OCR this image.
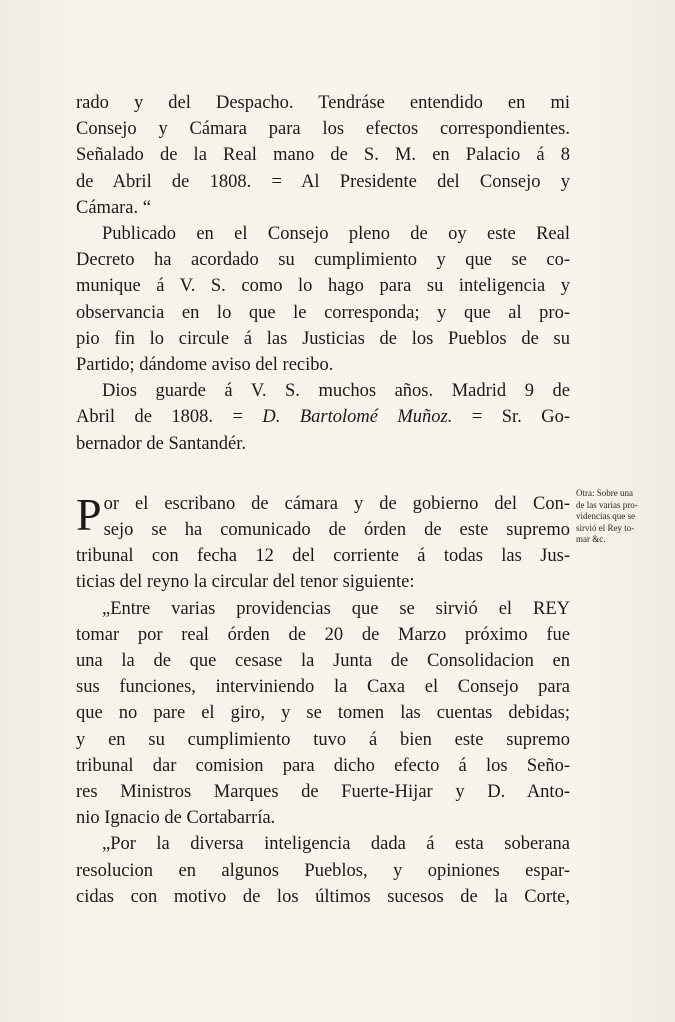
rado y del Despacho. Tendráse entendido en mi
Consejo y Cámara para los efectos correspondientes.
Señalado de la Real mano de S. M. en Palacio á 8
de Abril de 1808. = Al Presidente del Consejo y
Cámara. “
Publicado en el Consejo pleno de oy este Real
Decreto ha acordado su cumplimiento y que se co-
munique á V. S. como lo hago para su inteligencia y
observancia en lo que le corresponda; y que al pro-
pio fin lo circule á las Justicias de los Pueblos de su
Partido; dándome aviso del recibo.
Dios guarde á V. S. muchos años. Madrid 9 de
Abril de 1808. = D. Bartolomé Muñoz. = Sr. Go-
bernador de Santandér.
P or el escribano de cámara y de gobierno del Con-
sejo se ha comunicado de órden de este supremo
tribunal con fecha 12 del corriente á todas las Jus-
ticias del reyno la circular del tenor siguiente:
„Entre varias providencias que se sirvió el REY
tomar por real órden de 20 de Marzo próximo fue
una la de que cesase la Junta de Consolidacion en
sus funciones, interviniendo la Caxa el Consejo para
que no pare el giro, y se tomen las cuentas debidas;
y en su cumplimiento tuvo á bien este supremo
tribunal dar comision para dicho efecto á los Seño-
res Ministros Marques de Fuerte-Hijar y D. Anto-
nio Ignacio de Cortabarría.
„Por la diversa inteligencia dada á esta soberana
resolucion en algunos Pueblos, y opiniones espar-
cidas con motivo de los últimos sucesos de la Corte,
Otra: Sobre una
de las varias pro-
videncias que se
sirvió el Rey to-
mar &c.
